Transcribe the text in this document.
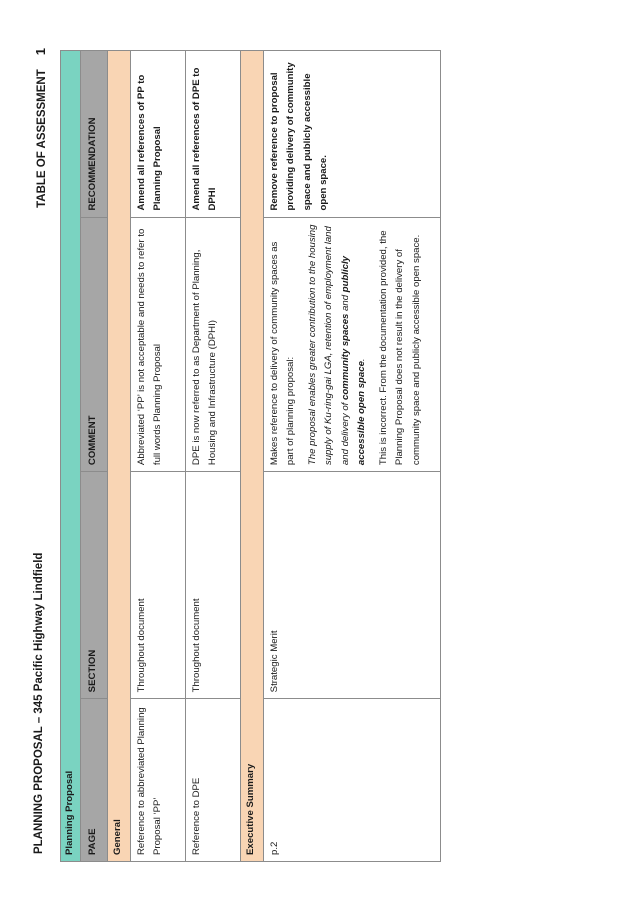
PLANNING PROPOSAL – 345 Pacific Highway Lindfield
TABLE OF ASSESSMENT1
Planning Proposal			
PAGE	SECTION	COMMENT	RECOMMENDATION
General			
Reference to abbreviated Planning Proposal ‘PP’	Throughout document	Abbreviated ‘PP’ is not acceptable and needs to refer to full words Planning Proposal	Amend all references of PP to Planning Proposal
Reference to DPE	Throughout document	DPE is now referred to as Department of Planning, Housing and Infrastructure (DPHI)	Amend all references of DPE to DPHI
Executive Summary			
p.2	Strategic Merit	Makes reference to delivery of community spaces as part of planning proposal: The proposal enables greater contribution to the housing supply of Ku-ring-gai LGA, retention of employment land and delivery of community spaces and publicly accessible open space. This is incorrect. From the documentation provided, the Planning Proposal does not result in the delivery of community space and publicly accessible open space.	Remove reference to proposal providing delivery of community space and publicly accessible open space.
